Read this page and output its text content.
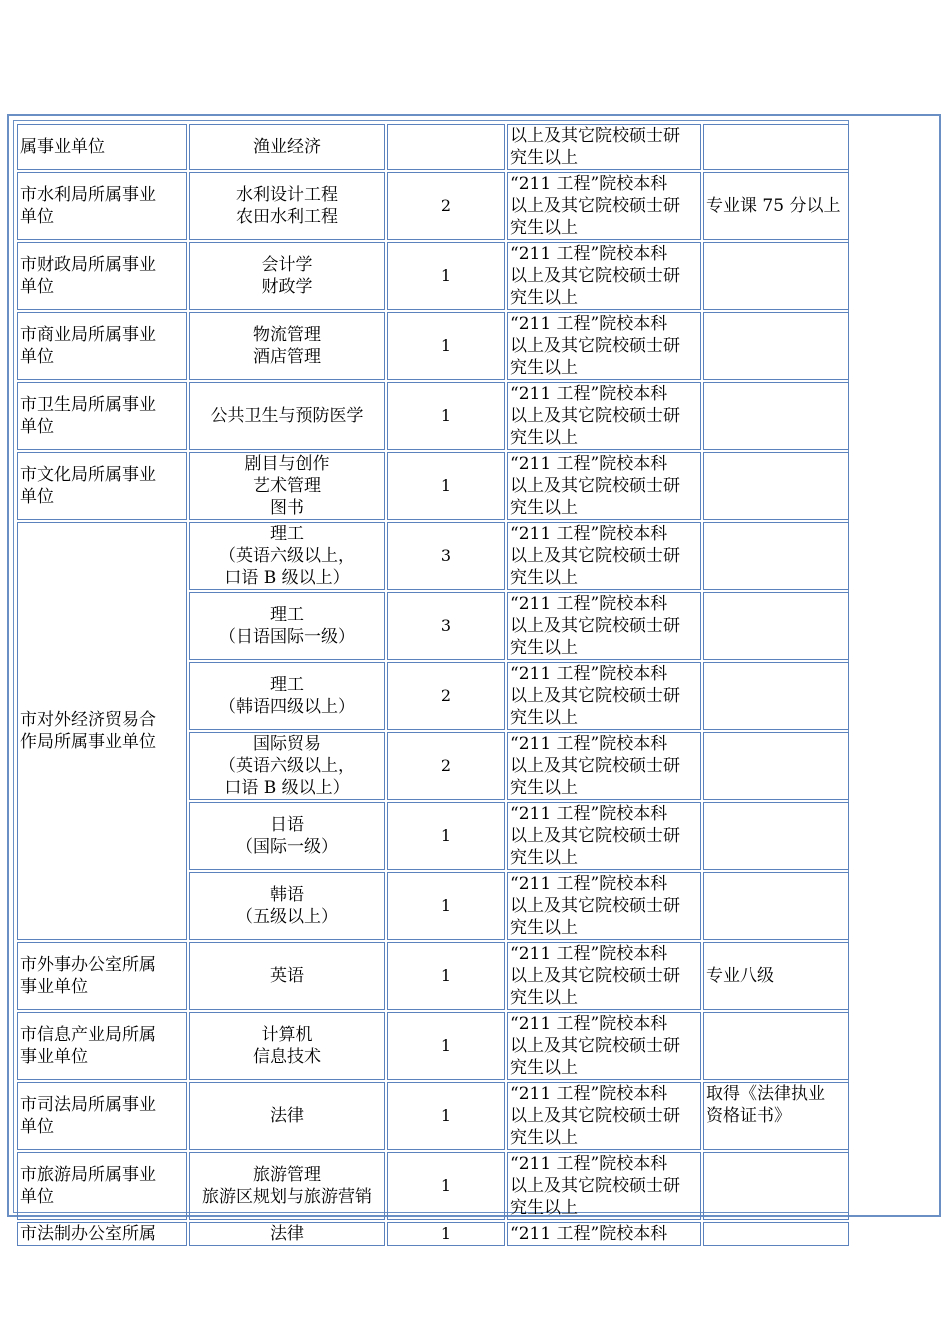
属事业单位	渔业经济		以上及其它院校硕士研
究生以上	

市水利局所属事业
单位	水利设计工程
农田水利工程	2	“211 工程”院校本科
以上及其它院校硕士研
究生以上	专业课 75 分以上

市财政局所属事业
单位	会计学
财政学	1	“211 工程”院校本科
以上及其它院校硕士研
究生以上	

市商业局所属事业
单位	物流管理
酒店管理	1	“211 工程”院校本科
以上及其它院校硕士研
究生以上	

市卫生局所属事业
单位	公共卫生与预防医学	1	“211 工程”院校本科
以上及其它院校硕士研
究生以上	

市文化局所属事业
单位	剧目与创作
艺术管理
图书	1	“211 工程”院校本科
以上及其它院校硕士研
究生以上	

市对外经济贸易合
作局所属事业单位	理工
（英语六级以上，
口语 B 级以上）	3	“211 工程”院校本科
以上及其它院校硕士研
究生以上	

	理工
（日语国际一级）	3	“211 工程”院校本科
以上及其它院校硕士研
究生以上	

	理工
（韩语四级以上）	2	“211 工程”院校本科
以上及其它院校硕士研
究生以上	

	国际贸易
（英语六级以上，
口语 B 级以上）	2	“211 工程”院校本科
以上及其它院校硕士研
究生以上	

	日语
（国际一级）	1	“211 工程”院校本科
以上及其它院校硕士研
究生以上	

	韩语
（五级以上）	1	“211 工程”院校本科
以上及其它院校硕士研
究生以上	

市外事办公室所属
事业单位	英语	1	“211 工程”院校本科
以上及其它院校硕士研
究生以上	专业八级

市信息产业局所属
事业单位	计算机
信息技术	1	“211 工程”院校本科
以上及其它院校硕士研
究生以上	

市司法局所属事业
单位	法律	1	“211 工程”院校本科
以上及其它院校硕士研
究生以上	取得《法律执业
资格证书》

市旅游局所属事业
单位	旅游管理
旅游区规划与旅游营销	1	“211 工程”院校本科
以上及其它院校硕士研
究生以上	

市法制办公室所属	法律	1	“211 工程”院校本科	
